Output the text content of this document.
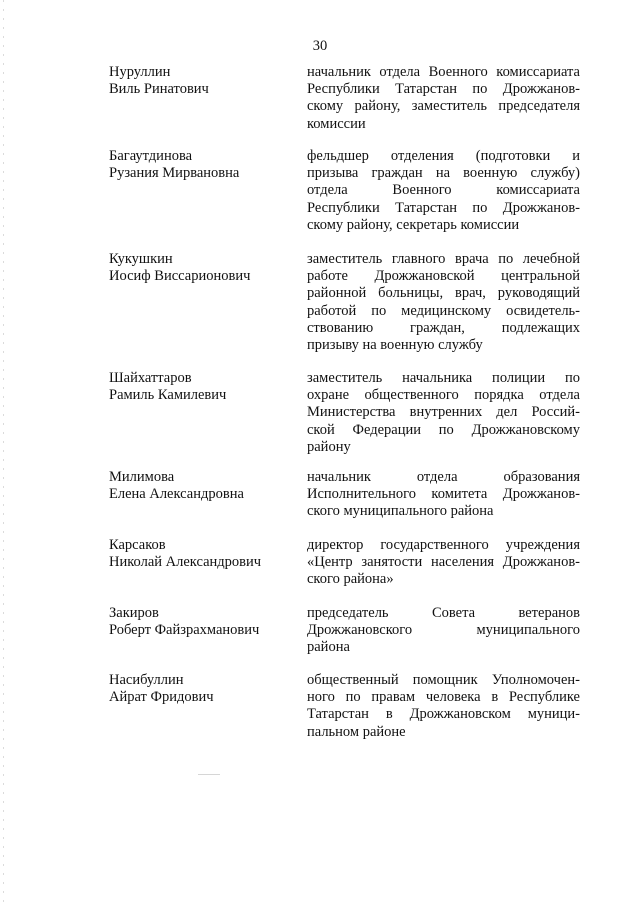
30
Нуруллин
Виль Ринатович
начальник отдела Военного комиссариата
Республики Татарстан по Дрожжанов-
скому району, заместитель председателя
комиссии
Багаутдинова
Рузания Мирвановна
фельдшер отделения (подготовки и
призыва граждан на военную службу)
отдела Военного комиссариата
Республики Татарстан по Дрожжанов-
скому району, секретарь комиссии
Кукушкин
Иосиф Виссарионович
заместитель главного врача по лечебной
работе Дрожжановской центральной
районной больницы, врач, руководящий
работой по медицинскому освидетель-
ствованию граждан, подлежащих
призыву на военную службу
Шайхаттаров
Рамиль Камилевич
заместитель начальника полиции по
охране общественного порядка отдела
Министерства внутренних дел Россий-
ской Федерации по Дрожжановскому
району
Милимова
Елена Александровна
начальник отдела образования
Исполнительного комитета Дрожжанов-
ского муниципального района
Карсаков
Николай Александрович
директор государственного учреждения
«Центр занятости населения Дрожжанов-
ского района»
Закиров
Роберт Файзрахманович
председатель Совета ветеранов
Дрожжановского муниципального
района
Насибуллин
Айрат Фридович
общественный помощник Уполномочен-
ного по правам человека в Республике
Татарстан в Дрожжановском муници-
пальном районе
